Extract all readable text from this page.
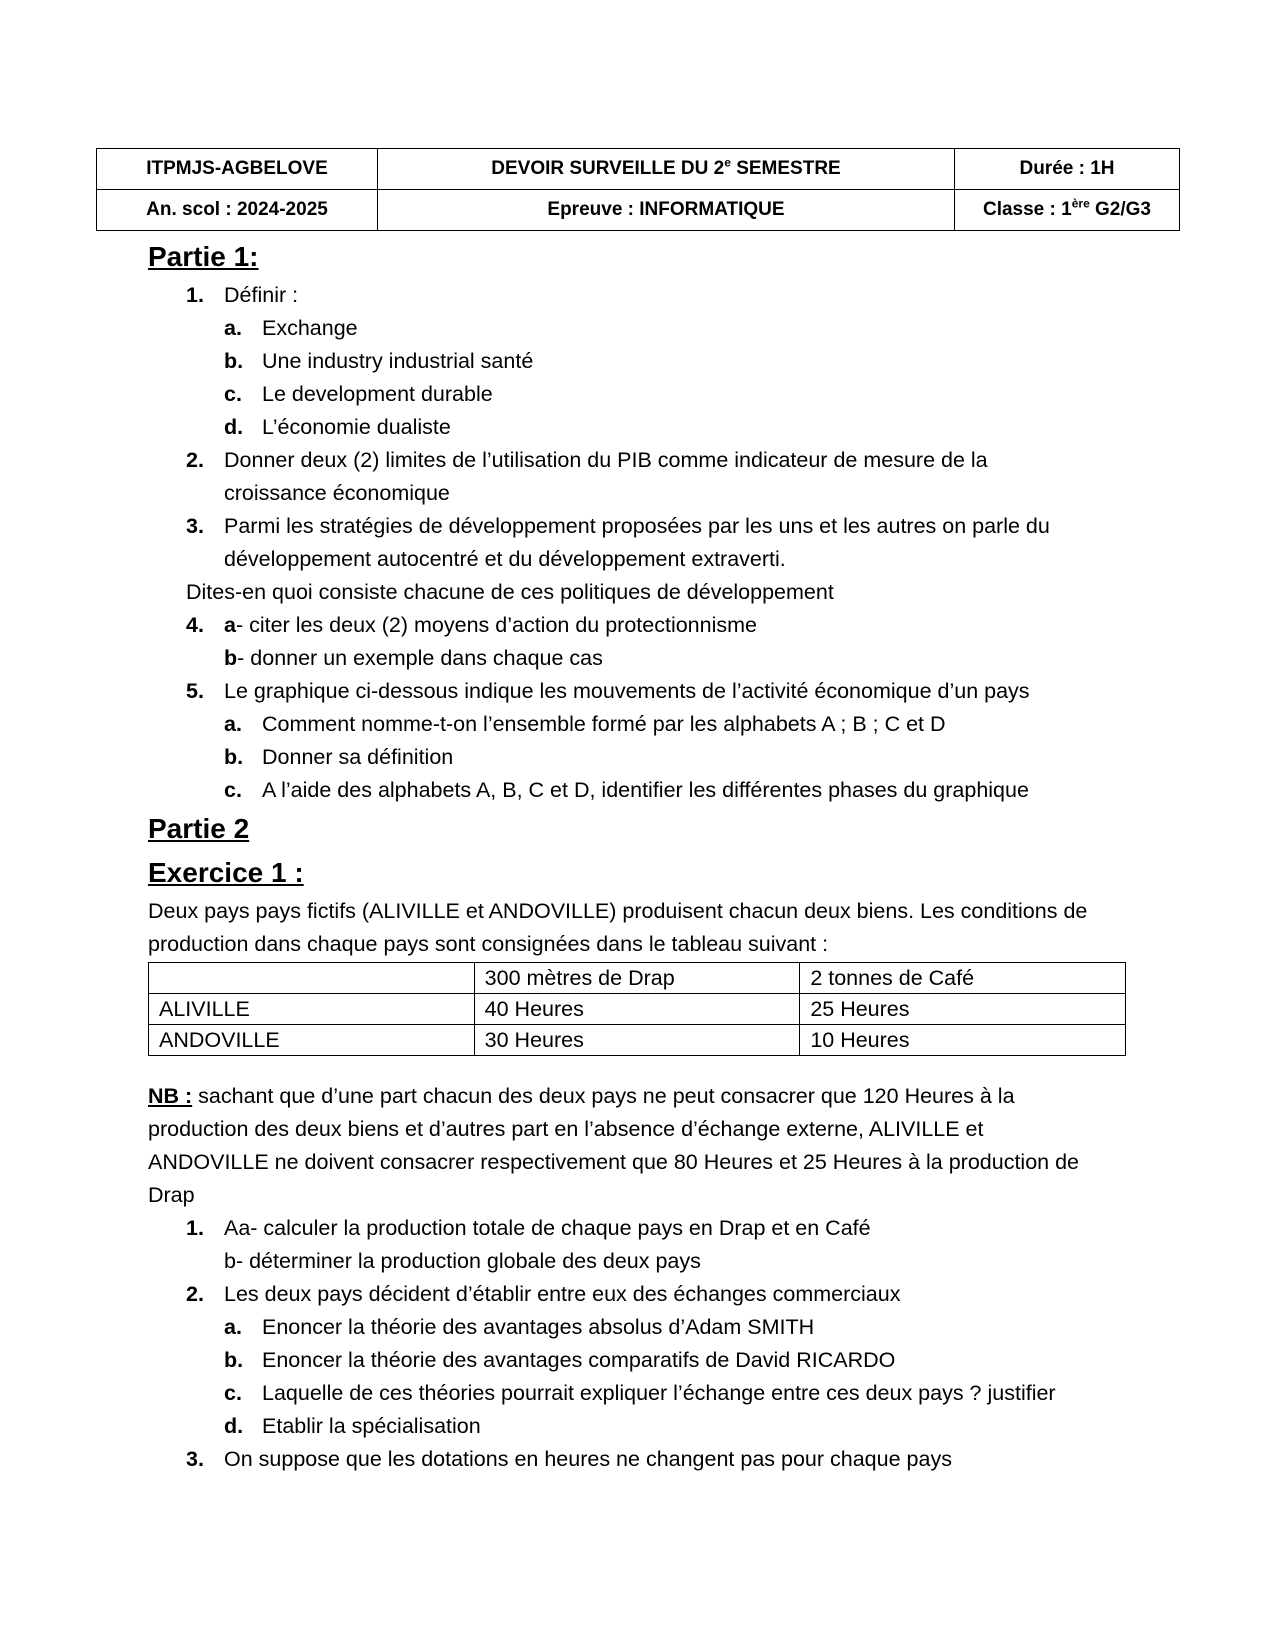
ITPMJS-AGBELOVE	DEVOIR SURVEILLE DU 2e SEMESTRE	Durée : 1H
An. scol : 2024-2025	Epreuve : INFORMATIQUE	Classe : 1ère G2/G3
Partie 1:
1. Définir :
a. Exchange
b. Une industry industrial santé
c. Le development durable
d. L’économie dualiste
2. Donner deux (2) limites de l’utilisation du PIB comme indicateur de mesure de la
croissance économique
3. Parmi les stratégies de développement proposées par les uns et les autres on parle du
développement autocentré et du développement extraverti.
Dites-en quoi consiste chacune de ces politiques de développement
4. a- citer les deux (2) moyens d’action du protectionnisme
b- donner un exemple dans chaque cas
5. Le graphique ci-dessous indique les mouvements de l’activité économique d’un pays
a. Comment nomme-t-on l’ensemble formé par les alphabets A ; B ; C et D
b. Donner sa définition
c. A l’aide des alphabets A, B, C et D, identifier les différentes phases du graphique
Partie 2
Exercice 1 :
Deux pays pays fictifs (ALIVILLE et ANDOVILLE) produisent chacun deux biens. Les conditions de
production dans chaque pays sont consignées dans le tableau suivant :
	300 mètres de Drap	2 tonnes de Café
ALIVILLE	40 Heures	25 Heures
ANDOVILLE	30 Heures	10 Heures
NB : sachant que d’une part chacun des deux pays ne peut consacrer que 120 Heures à la
production des deux biens et d’autres part en l’absence d’échange externe, ALIVILLE et
ANDOVILLE ne doivent consacrer respectivement que 80 Heures et 25 Heures à la production de
Drap
1. Aa- calculer la production totale de chaque pays en Drap et en Café
b- déterminer la production globale des deux pays
2. Les deux pays décident d’établir entre eux des échanges commerciaux
a. Enoncer la théorie des avantages absolus d’Adam SMITH
b. Enoncer la théorie des avantages comparatifs de David RICARDO
c. Laquelle de ces théories pourrait expliquer l’échange entre ces deux pays ? justifier
d. Etablir la spécialisation
3. On suppose que les dotations en heures ne changent pas pour chaque pays
